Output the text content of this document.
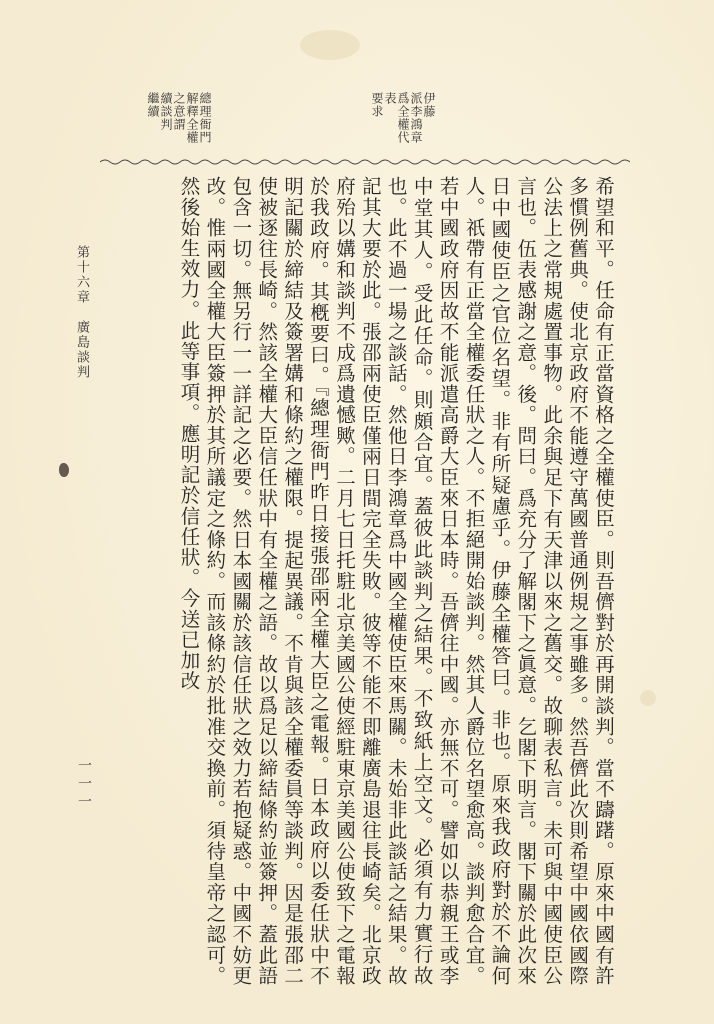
伊藤
派李鴻章
爲全權代表
要求
總理衙門
解釋全權
之意謂
續談判
繼續

希望和平。任命有正當資格之全權使臣。則吾儕對於再開談判。當不躊躇。原來中國有許多慣例舊典。使北京政府不能遵守萬國普通例規之事雖多。然吾儕此次則希望中國依國際公法上之常規處置事物。此余與足下有天津以來之舊交。故聊表私言。未可與中國使臣公言也。伍表感謝之意。後。問曰。爲充分了解閣下之眞意。乞閣下明言。閣下關於此次來日中國使臣之官位名望。非有所疑慮乎。伊藤全權答曰。非也。原來我政府對於不論何人。祇帶有正當全權委任狀之人。不拒絕開始談判。然其人爵位名望愈高。談判愈合宜。若中國政府因故不能派遣高爵大臣來日本時。吾儕往中國。亦無不可。譬如以恭親王或李中堂其人。受此任命。則頗合宜。蓋彼此談判之結果。不致紙上空文。必須有力實行故也。此不過一場之談話。然他日李鴻章爲中國全權使臣來馬關。未始非此談話之結果。故記其大要於此。張邵兩使臣僅兩日間完全失敗。彼等不能不即離廣島退往長崎矣。北京政府殆以媾和談判不成爲遺憾歟。二月七日托駐北京美國公使經駐東京美國公使致下之電報於我政府。其槪要曰。『總理衙門昨日接張邵兩全權大臣之電報。日本政府以委任狀中不明記關於締結及簽署媾和條約之權限。提起異議。不肯與該全權委員等談判。因是張邵二使被逐往長崎。然該全權大臣信任狀中有全權之語。故以爲足以締結條約並簽押。蓋此語包含一切。無另行一一詳記之必要。然日本國關於該信任狀之效力若抱疑惑。中國不妨更改。惟兩國全權大臣簽押於其所議定之條約。而該條約於批准交換前。須待皇帝之認可。然後始生效力。此等事項。應明記於信任狀。今送已加改

第十六章　廣島談判
一一一
